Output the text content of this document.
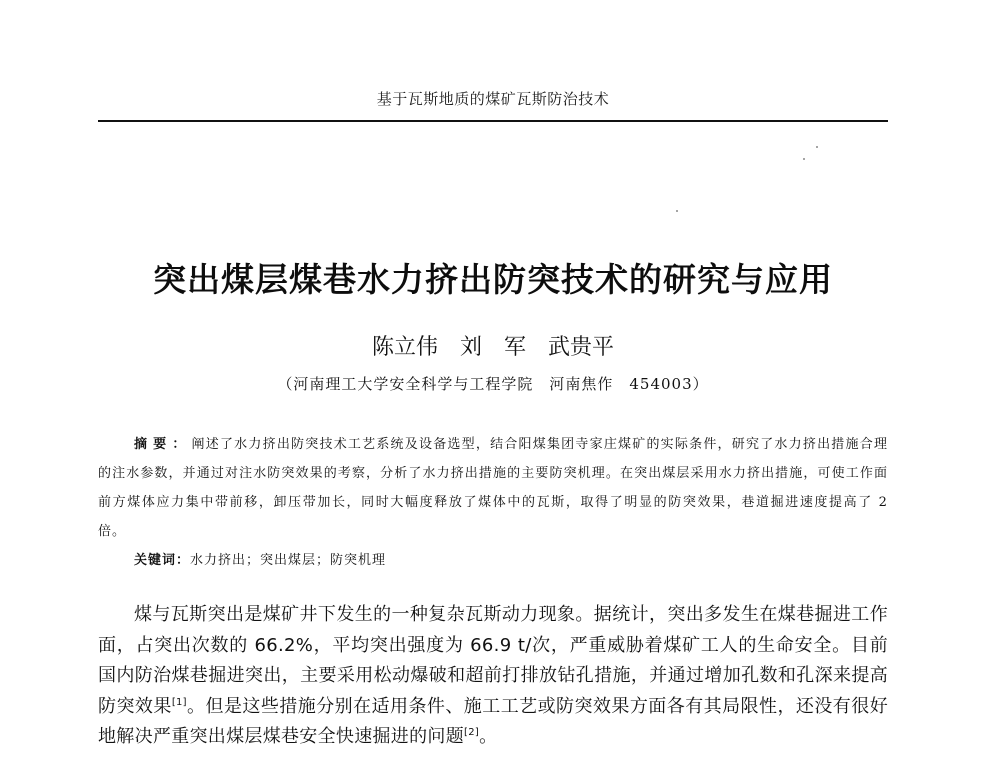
基于瓦斯地质的煤矿瓦斯防治技术
突出煤层煤巷水力挤出防突技术的研究与应用
陈立伟 刘　军 武贵平
（河南理工大学安全科学与工程学院　河南焦作　454003）
摘要：阐述了水力挤出防突技术工艺系统及设备选型，结合阳煤集团寺家庄煤矿的实际条件，研究了水力挤出措施合理的注水参数，并通过对注水防突效果的考察，分析了水力挤出措施的主要防突机理。在突出煤层采用水力挤出措施，可使工作面前方煤体应力集中带前移，卸压带加长，同时大幅度释放了煤体中的瓦斯，取得了明显的防突效果，巷道掘进速度提高了 2 倍。
关键词：水力挤出；突出煤层；防突机理
煤与瓦斯突出是煤矿井下发生的一种复杂瓦斯动力现象。据统计，突出多发生在煤巷掘进工作面，占突出次数的 66.2%，平均突出强度为 66.9 t/次，严重威胁着煤矿工人的生命安全。目前国内防治煤巷掘进突出，主要采用松动爆破和超前打排放钻孔措施，并通过增加孔数和孔深来提高防突效果[1]。但是这些措施分别在适用条件、施工工艺或防突效果方面各有其局限性，还没有很好地解决严重突出煤层煤巷安全快速掘进的问题[2]。
